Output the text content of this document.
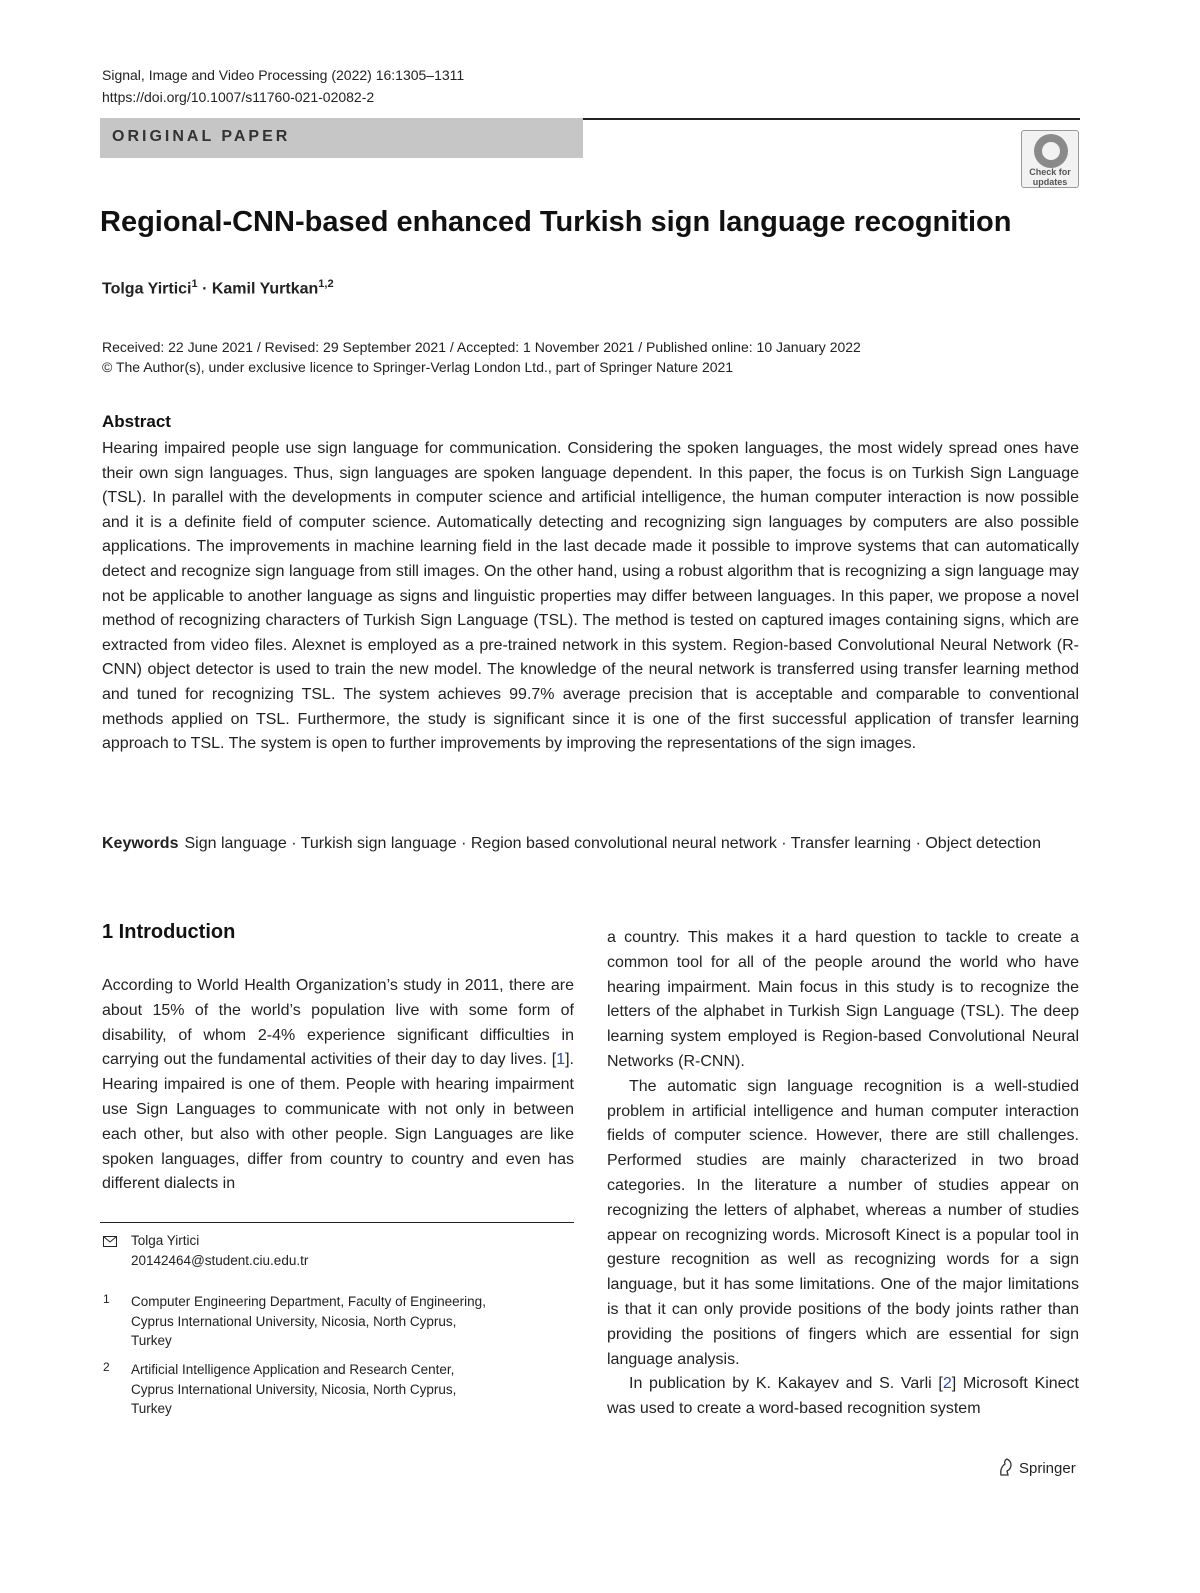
Signal, Image and Video Processing (2022) 16:1305–1311
https://doi.org/10.1007/s11760-021-02082-2
ORIGINAL PAPER
Check for updates
Regional-CNN-based enhanced Turkish sign language recognition
Tolga Yirtici$^1$ · Kamil Yurtkan$^{1,2}$
Received: 22 June 2021 / Revised: 29 September 2021 / Accepted: 1 November 2021 / Published online: 10 January 2022
© The Author(s), under exclusive licence to Springer-Verlag London Ltd., part of Springer Nature 2021
Abstract

Hearing impaired people use sign language for communication. Considering the spoken languages, the most widely spread ones have their own sign languages. Thus, sign languages are spoken language dependent. In this paper, the focus is on Turkish Sign Language (TSL). In parallel with the developments in computer science and artificial intelligence, the human computer interaction is now possible and it is a definite field of computer science. Automatically detecting and recognizing sign languages by computers are also possible applications. The improvements in machine learning field in the last decade made it possible to improve systems that can automatically detect and recognize sign language from still images. On the other hand, using a robust algorithm that is recognizing a sign language may not be applicable to another language as signs and linguistic properties may differ between languages. In this paper, we propose a novel method of recognizing characters of Turkish Sign Language (TSL). The method is tested on captured images containing signs, which are extracted from video files. Alexnet is employed as a pre-trained network in this system. Region-based Convolutional Neural Network (R-CNN) object detector is used to train the new model. The knowledge of the neural network is transferred using transfer learning method and tuned for recognizing TSL. The system achieves 99.7% average precision that is acceptable and comparable to conventional methods applied on TSL. Furthermore, the study is significant since it is one of the first successful application of transfer learning approach to TSL. The system is open to further improvements by improving the representations of the sign images.

Keywords Sign language · Turkish sign language · Region based convolutional neural network · Transfer learning · Object detection
1 Introduction

According to World Health Organization’s study in 2011, there are about 15% of the world’s population live with some form of disability, of whom 2-4% experience significant difficulties in carrying out the fundamental activities of their day to day lives. [1]. Hearing impaired is one of them. People with hearing impairment use Sign Languages to communicate with not only in between each other, but also with other people. Sign Languages are like spoken languages, differ from country to country and even has different dialects in

a country. This makes it a hard question to tackle to create a common tool for all of the people around the world who have hearing impairment. Main focus in this study is to recognize the letters of the alphabet in Turkish Sign Language (TSL). The deep learning system employed is Region-based Convolutional Neural Networks (R-CNN).

The automatic sign language recognition is a well-studied problem in artificial intelligence and human computer interaction fields of computer science. However, there are still challenges. Performed studies are mainly characterized in two broad categories. In the literature a number of studies appear on recognizing the letters of alphabet, whereas a number of studies appear on recognizing words. Microsoft Kinect is a popular tool in gesture recognition as well as recognizing words for a sign language, but it has some limitations. One of the major limitations is that it can only provide positions of the body joints rather than providing the positions of fingers which are essential for sign language analysis.

In publication by K. Kakayev and S. Varli [2] Microsoft Kinect was used to create a word-based recognition system

Tolga Yirtici
20142464@student.ciu.edu.tr
1 Computer Engineering Department, Faculty of Engineering,
Cyprus International University, Nicosia, North Cyprus,
Turkey
2 Artificial Intelligence Application and Research Center,
Cyprus International University, Nicosia, North Cyprus,
Turkey
Springer
